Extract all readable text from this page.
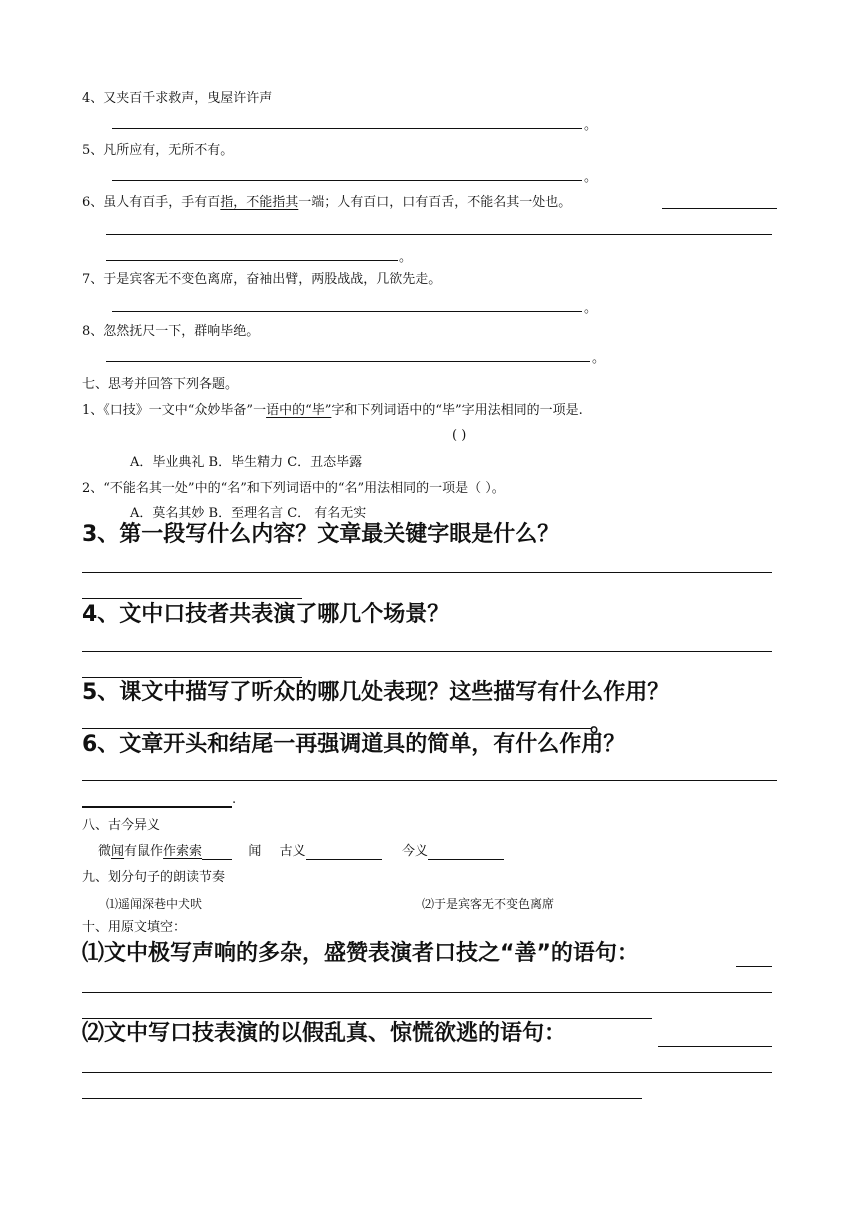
4、又夹百千求救声，曳屋许许声
。
5、凡所应有，无所不有。
。
6、虽人有百手，手有百指，不能指其一端；人有百口，口有百舌，不能名其一处也。
。
7、于是宾客无不变色离席，奋袖出臂，两股战战，几欲先走。
。
8、忽然抚尺一下，群响毕绝。
。
七、思考并回答下列各题。
1、《口技》一文中“众妙毕备”一语中的“毕”字和下列词语中的“毕”字用法相同的一项是.
( )
A．毕业典礼 B．毕生精力 C．丑态毕露
2、“不能名其一处”中的“名”和下列词语中的“名”用法相同的一项是（ ）。
A．莫名其妙 B．至理名言 C． 有名无实
3、第一段写什么内容？文章最关键字眼是什么？
4、文中口技者共表演了哪几个场景？
5、课文中描写了听众的哪几处表现？这些描写有什么作用？
。
6、文章开头和结尾一再强调道具的简单，有什么作用？
.
八、古今异义
微闻有鼠作作索索	闻 古义	今义
九、划分句子的朗读节奏
⑴遥闻深巷中犬吠	⑵于是宾客无不变色离席
十、用原文填空：
⑴文中极写声响的多杂，盛赞表演者口技之“善”的语句：
⑵文中写口技表演的以假乱真、惊慌欲逃的语句：
